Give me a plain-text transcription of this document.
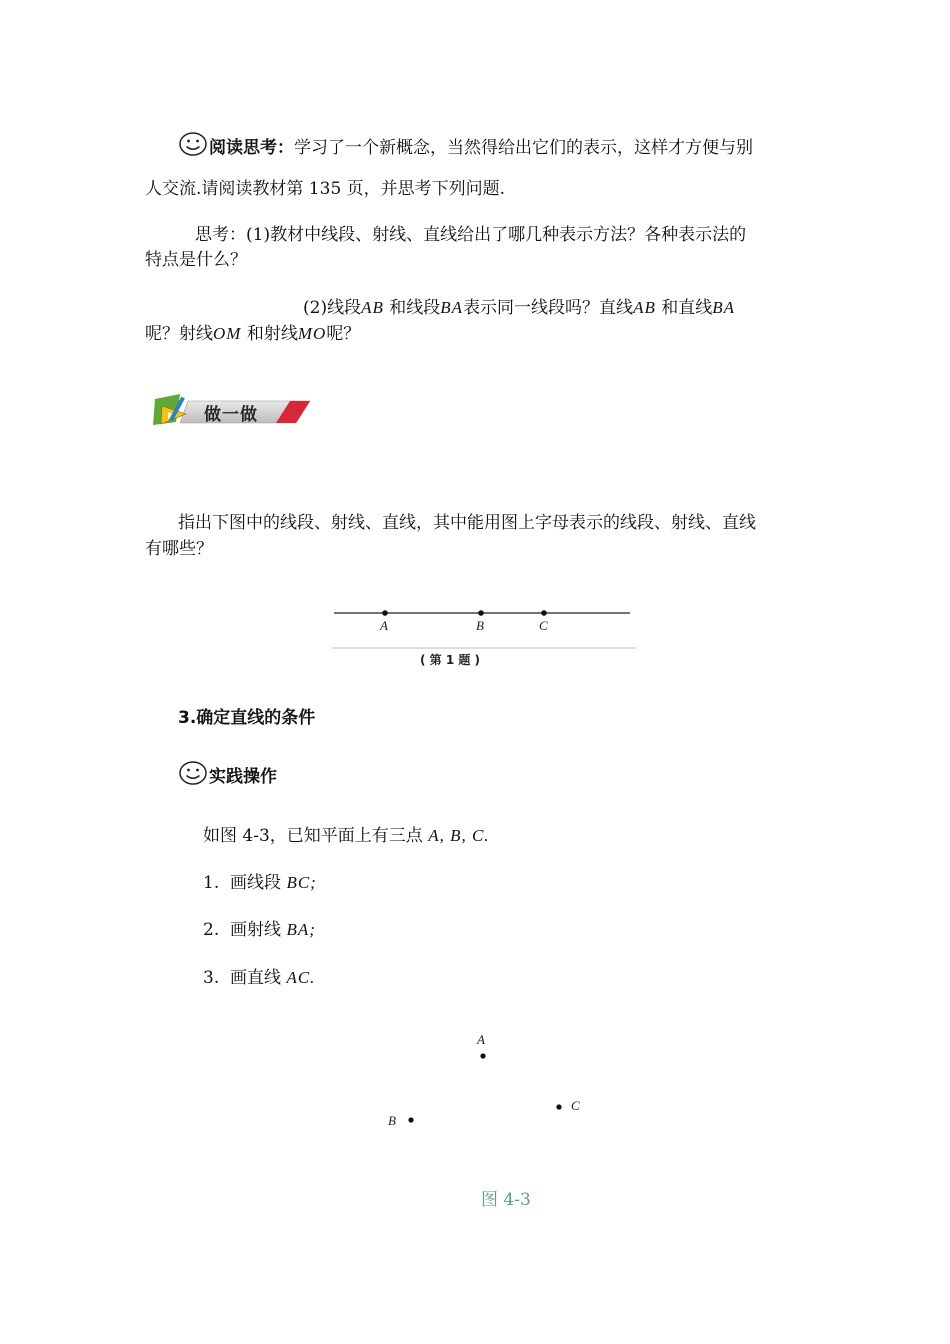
阅读思考：学习了一个新概念，当然得给出它们的表示，这样才方便与别
人交流.请阅读教材第 135 页，并思考下列问题.
思考：(1)教材中线段、射线、直线给出了哪几种表示方法？各种表示法的
特点是什么？
(2)线段AB 和线段BA表示同一线段吗？直线AB 和直线BA
呢？射线OM 和射线MO呢？
做一做
指出下图中的线段、射线、直线，其中能用图上字母表示的线段、射线、直线
有哪些？
A	B	C
( 第 1 题 )
3.确定直线的条件
实践操作
如图 4-3，已知平面上有三点 A, B, C.
1. 画线段 BC;
2. 画射线 BA;
3. 画直线 AC.
A
B
C
图 4-3
